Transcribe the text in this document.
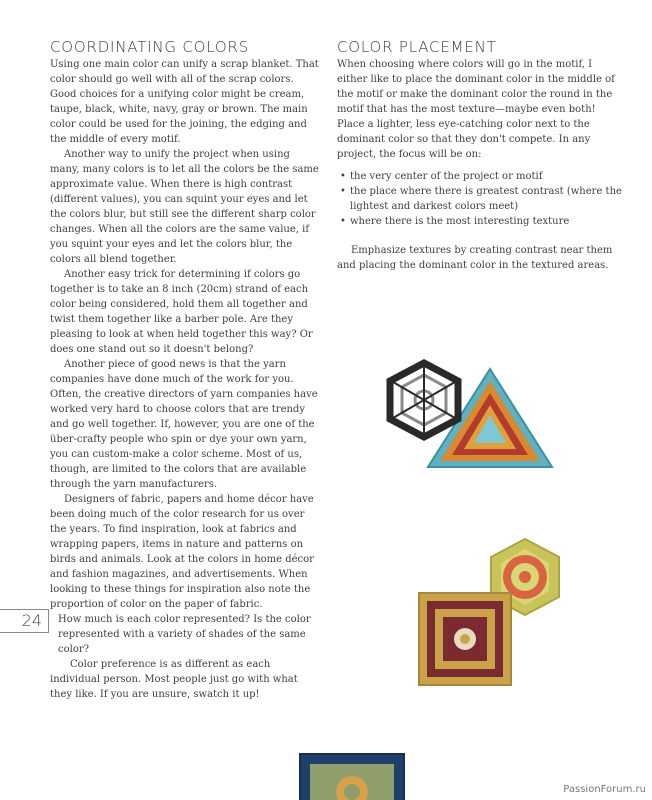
COORDINATING COLORS

Using one main color can unify a scrap blanket. That color should go well with all of the scrap colors. Good choices for a unifying color might be cream, taupe, black, white, navy, gray or brown. The main color could be used for the joining, the edging and the middle of every motif.

Another way to unify the project when using many, many colors is to let all the colors be the same approximate value. When there is high contrast (different values), you can squint your eyes and let the colors blur, but still see the different sharp color changes. When all the colors are the same value, if you squint your eyes and let the colors blur, the colors all blend together.

Another easy trick for determining if colors go together is to take an 8 inch (20cm) strand of each color being considered, hold them all together and twist them together like a barber pole. Are they pleasing to look at when held together this way? Or does one stand out so it doesn't belong?

Another piece of good news is that the yarn companies have done much of the work for you. Often, the creative directors of yarn companies have worked very hard to choose colors that are trendy and go well together. If, however, you are one of the über-crafty people who spin or dye your own yarn, you can custom-make a color scheme. Most of us, though, are limited to the colors that are available through the yarn manufacturers.

Designers of fabric, papers and home décor have been doing much of the color research for us over the years. To find inspiration, look at fabrics and wrapping papers, items in nature and patterns on birds and animals. Look at the colors in home décor and fashion magazines, and advertisements. When looking to these things for inspiration also note the proportion of color on the paper of fabric.

How much is each color represented? Is the color represented with a variety of shades of the same color?

Color preference is as different as each individual person. Most people just go with what they like. If you are unsure, swatch it up!

COLOR PLACEMENT

When choosing where colors will go in the motif, I either like to place the dominant color in the middle of the motif or make the dominant color the round in the motif that has the most texture—maybe even both! Place a lighter, less eye-catching color next to the dominant color so that they don't compete. In any project, the focus will be on:

• the very center of the project or motif
• the place where there is greatest contrast (where the lightest and darkest colors meet)
• where there is the most interesting texture

Emphasize textures by creating contrast near them and placing the dominant color in the textured areas.

24
PassionForum.ru
